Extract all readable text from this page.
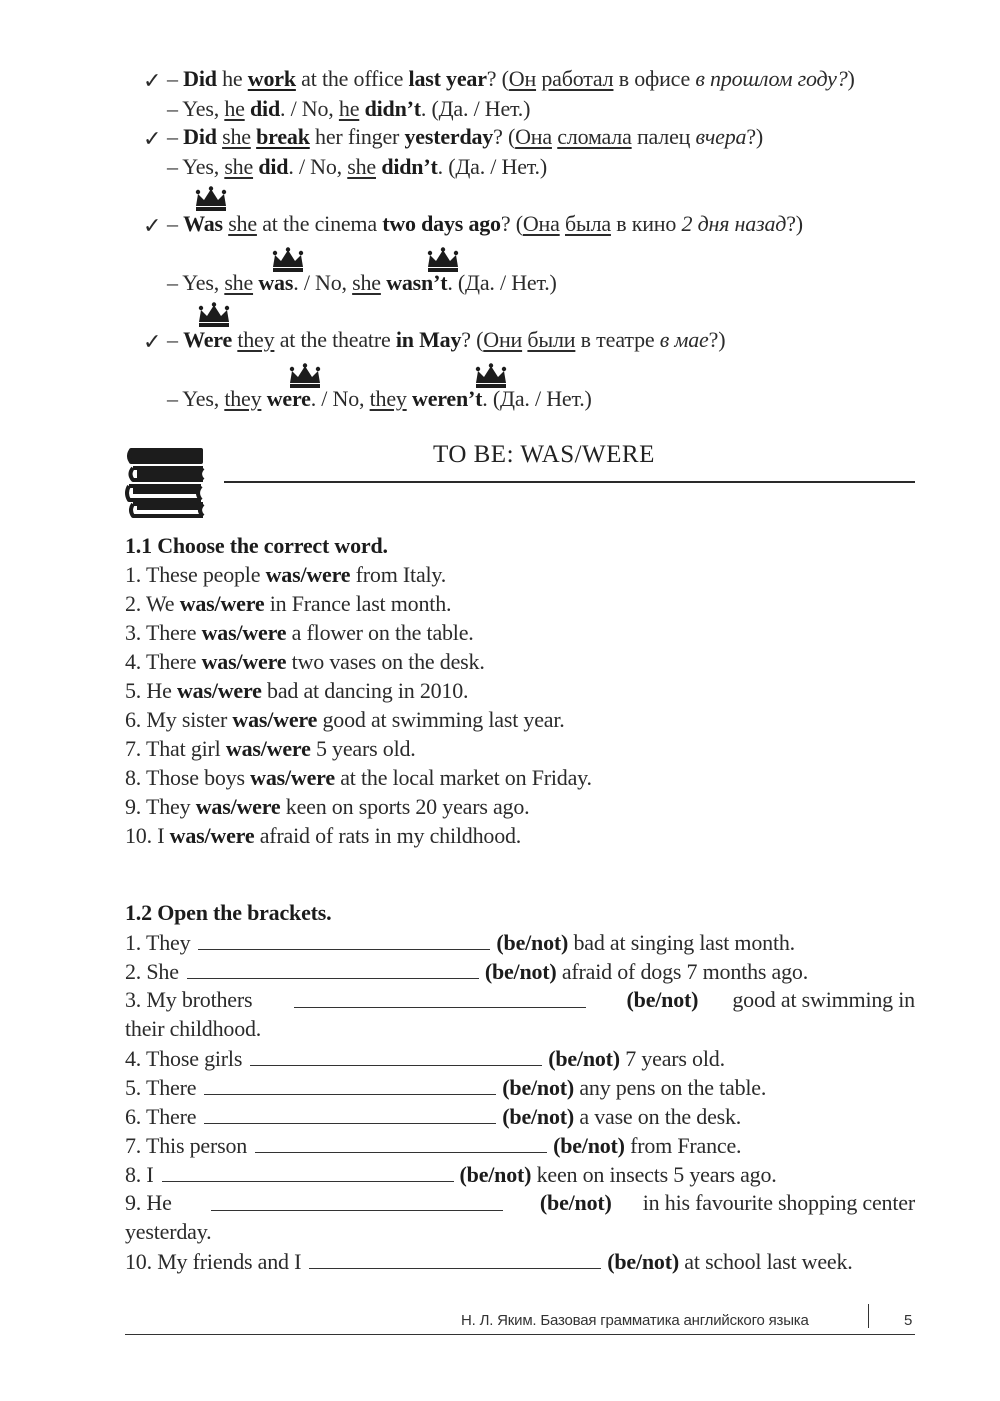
✓ – Did he work at the office last year? (Он работал в офисе в прошлом году?)
– Yes, he did. / No, he didn’t. (Да. / Нет.)
✓ – Did she break her finger yesterday? (Она сломала палец вчера?)
– Yes, she did. / No, she didn’t. (Да. / Нет.)
✓ – Was she at the cinema two days ago? (Она была в кино 2 дня назад?)
– Yes, she was. / No, she wasn’t. (Да. / Нет.)
✓ – Were they at the theatre in May? (Они были в театре в мае?)
– Yes, they were. / No, they weren’t. (Да. / Нет.)
TO BE: WAS/WERE
1.1 Choose the correct word.
1. These people was/were from Italy.
2. We was/were in France last month.
3. There was/were a flower on the table.
4. There was/were two vases on the desk.
5. He was/were bad at dancing in 2010.
6. My sister was/were good at swimming last year.
7. That girl was/were 5 years old.
8. Those boys was/were at the local market on Friday.
9. They was/were keen on sports 20 years ago.
10. I was/were afraid of rats in my childhood.
1.2 Open the brackets.
1. They	(be/not) bad at singing last month.
2. She	(be/not) afraid of dogs 7 months ago.
3. My brothers	(be/not) good at swimming in
their childhood.
4. Those girls	(be/not) 7 years old.
5. There	(be/not) any pens on the table.
6. There	(be/not) a vase on the desk.
7. This person	(be/not) from France.
8. I	(be/not) keen on insects 5 years ago.
9. He	(be/not) in his favourite shopping center
yesterday.
10. My friends and I	(be/not) at school last week.
Н. Л. Яким. Базовая грамматика английского языка	5
